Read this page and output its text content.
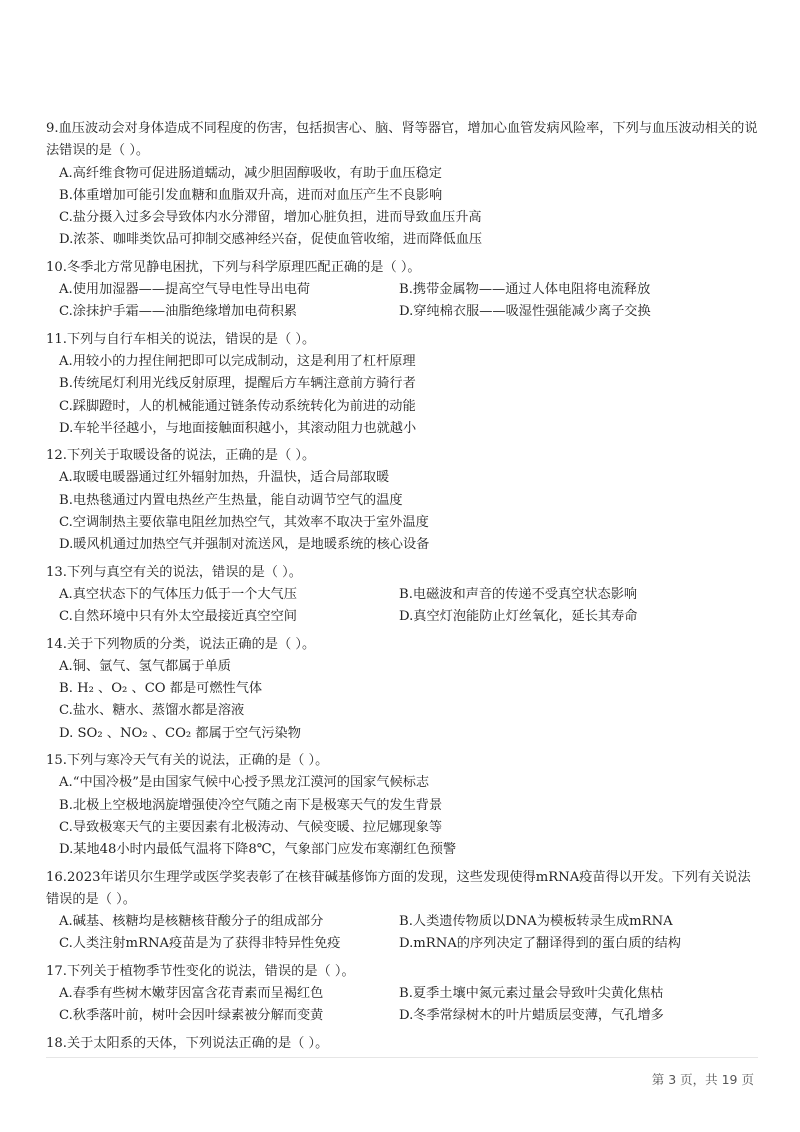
9.血压波动会对身体造成不同程度的伤害，包括损害心、脑、肾等器官，增加心血管发病风险率，下列与血压波动相关的说法错误的是（ ）。
A.高纤维食物可促进肠道蠕动，减少胆固醇吸收，有助于血压稳定
B.体重增加可能引发血糖和血脂双升高，进而对血压产生不良影响
C.盐分摄入过多会导致体内水分滞留，增加心脏负担，进而导致血压升高
D.浓茶、咖啡类饮品可抑制交感神经兴奋，促使血管收缩，进而降低血压
10.冬季北方常见静电困扰，下列与科学原理匹配正确的是（ ）。
A.使用加湿器——提高空气导电性导出电荷	B.携带金属物——通过人体电阻将电流释放
C.涂抹护手霜——油脂绝缘增加电荷积累	D.穿纯棉衣服——吸湿性强能减少离子交换
11.下列与自行车相关的说法，错误的是（ ）。
A.用较小的力捏住闸把即可以完成制动，这是利用了杠杆原理
B.传统尾灯利用光线反射原理，提醒后方车辆注意前方骑行者
C.踩脚蹬时，人的机械能通过链条传动系统转化为前进的动能
D.车轮半径越小，与地面接触面积越小，其滚动阻力也就越小
12.下列关于取暖设备的说法，正确的是（ ）。
A.取暖电暖器通过红外辐射加热，升温快，适合局部取暖
B.电热毯通过内置电热丝产生热量，能自动调节空气的温度
C.空调制热主要依靠电阻丝加热空气，其效率不取决于室外温度
D.暖风机通过加热空气并强制对流送风，是地暖系统的核心设备
13.下列与真空有关的说法，错误的是（ ）。
A.真空状态下的气体压力低于一个大气压	B.电磁波和声音的传递不受真空状态影响
C.自然环境中只有外太空最接近真空空间	D.真空灯泡能防止灯丝氧化，延长其寿命
14.关于下列物质的分类，说法正确的是（ ）。
A.铜、氩气、氢气都属于单质
B. H₂ 、O₂ 、CO 都是可燃性气体
C.盐水、糖水、蒸馏水都是溶液
D. SO₂ 、NO₂ 、CO₂ 都属于空气污染物
15.下列与寒冷天气有关的说法，正确的是（ ）。
A.“中国冷极”是由国家气候中心授予黑龙江漠河的国家气候标志
B.北极上空极地涡旋增强使冷空气随之南下是极寒天气的发生背景
C.导致极寒天气的主要因素有北极涛动、气候变暖、拉尼娜现象等
D.某地48小时内最低气温将下降8℃，气象部门应发布寒潮红色预警
16.2023年诺贝尔生理学或医学奖表彰了在核苷碱基修饰方面的发现，这些发现使得mRNA疫苗得以开发。下列有关说法错误的是（ ）。
A.碱基、核糖均是核糖核苷酸分子的组成部分	B.人类遗传物质以DNA为模板转录生成mRNA
C.人类注射mRNA疫苗是为了获得非特异性免疫	D.mRNA的序列决定了翻译得到的蛋白质的结构
17.下列关于植物季节性变化的说法，错误的是（ ）。
A.春季有些树木嫩芽因富含花青素而呈褐红色	B.夏季土壤中氮元素过量会导致叶尖黄化焦枯
C.秋季落叶前，树叶会因叶绿素被分解而变黄	D.冬季常绿树木的叶片蜡质层变薄，气孔增多
18.关于太阳系的天体，下列说法正确的是（ ）。
第 3 页，共 19 页
